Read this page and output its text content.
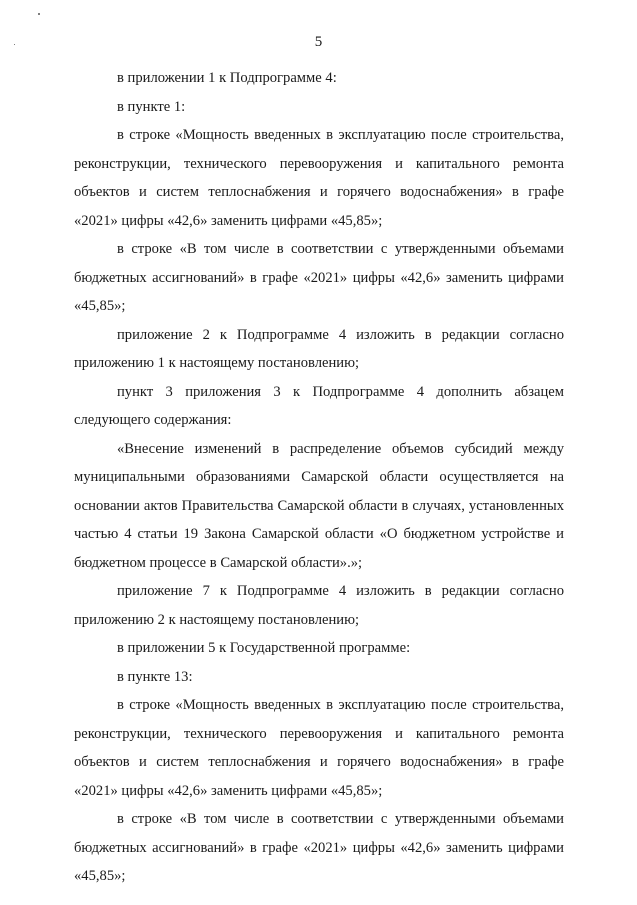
5

в приложении 1 к Подпрограмме 4:

в пункте 1:

в строке «Мощность введенных в эксплуатацию после строительства, реконструкции, технического перевооружения и капитального ремонта объектов и систем теплоснабжения и горячего водоснабжения» в графе «2021» цифры «42,6» заменить цифрами «45,85»;

в строке «В том числе в соответствии с утвержденными объемами бюджетных ассигнований» в графе «2021» цифры «42,6» заменить цифрами «45,85»;

приложение 2 к Подпрограмме 4 изложить в редакции согласно приложению 1 к настоящему постановлению;

пункт 3 приложения 3 к Подпрограмме 4 дополнить абзацем следующего содержания:

«Внесение изменений в распределение объемов субсидий между муниципальными образованиями Самарской области осуществляется на основании актов Правительства Самарской области в случаях, установленных частью 4 статьи 19 Закона Самарской области «О бюджетном устройстве и бюджетном процессе в Самарской области».»;

приложение 7 к Подпрограмме 4 изложить в редакции согласно приложению 2 к настоящему постановлению;

в приложении 5 к Государственной программе:

в пункте 13:

в строке «Мощность введенных в эксплуатацию после строительства, реконструкции, технического перевооружения и капитального ремонта объектов и систем теплоснабжения и горячего водоснабжения» в графе «2021» цифры «42,6» заменить цифрами «45,85»;

в строке «В том числе в соответствии с утвержденными объемами бюджетных ассигнований» в графе «2021» цифры «42,6» заменить цифрами «45,85»;
